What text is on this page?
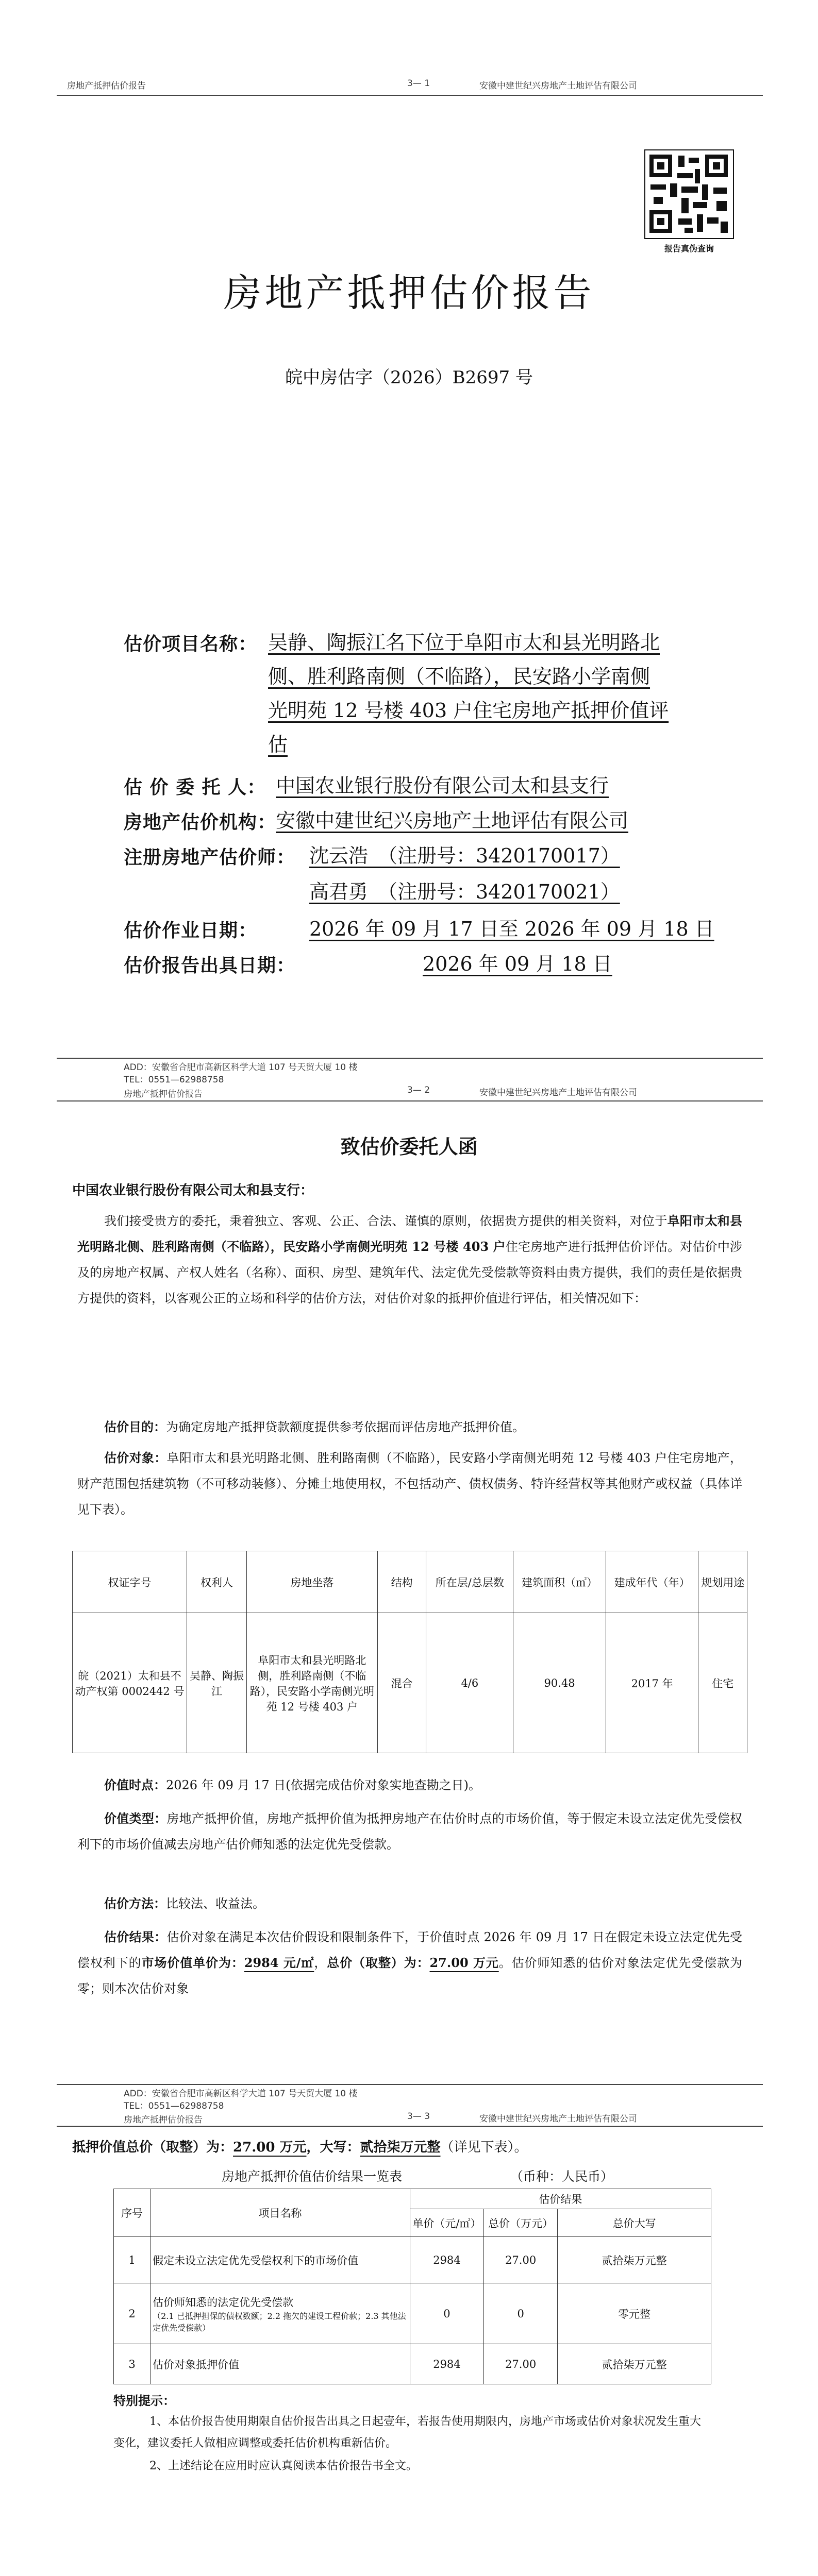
房地产抵押估价报告	3— 1	安徽中建世纪兴房地产土地评估有限公司
报告真伪查询
房地产抵押估价报告
皖中房估字（2026）B2697 号
估价项目名称： 吴静、陶振江名下位于阜阳市太和县光明路北
侧、胜利路南侧（不临路），民安路小学南侧
光明苑 12 号楼 403 户住宅房地产抵押价值评
估
估 价 委 托 人： 中国农业银行股份有限公司太和县支行
房地产估价机构：
安徽中建世纪兴房地产土地评估有限公司
注册房地产估价师： 沈云浩　（注册号：3420170017）
高君勇　（注册号：3420170021）
估价作业日期：	2026 年 09 月 17 日至 2026 年 09 月 18 日
估价报告出具日期：	2026 年 09 月 18 日
ADD：安徽省合肥市高新区科学大道 107 号天贸大厦 10 楼
TEL：0551—62988758
房地产抵押估价报告	3— 2	安徽中建世纪兴房地产土地评估有限公司
致估价委托人函
中国农业银行股份有限公司太和县支行：
我们接受贵方的委托，秉着独立、客观、公正、合法、谨慎的原则，依据贵方提供的相关资料，对位于阜阳市太和县光明路北侧、胜利路南侧（不临路），民安路小学南侧光明苑 12 号楼 403 户住宅房地产进行抵押估价评估。对估价中涉及的房地产权属、产权人姓名（名称）、面积、房型、建筑年代、法定优先受偿款等资料由贵方提供，我们的责任是依据贵方提供的资料，以客观公正的立场和科学的估价方法，对估价对象的抵押价值进行评估，相关情况如下：
估价目的：为确定房地产抵押贷款额度提供参考依据而评估房地产抵押价值。
估价对象：阜阳市太和县光明路北侧、胜利路南侧（不临路），民安路小学南侧光明苑 12 号楼 403 户住宅房地产，财产范围包括建筑物（不可移动装修）、分摊土地使用权，不包括动产、债权债务、特许经营权等其他财产或权益（具体详见下表）。
权证字号	权利人	房地坐落	结构	所在层/总层数	建筑面积（㎡）	建成年代（年）	规划用途
皖（2021）太和县不动产权第 0002442 号	吴静、陶振江	阜阳市太和县光明路北侧，胜利路南侧（不临路），民安路小学南侧光明苑 12 号楼 403 户	混合	4/6	90.48	2017 年	住宅
价值时点：2026 年 09 月 17 日(依据完成估价对象实地查勘之日)。
价值类型：房地产抵押价值，房地产抵押价值为抵押房地产在估价时点的市场价值，等于假定未设立法定优先受偿权利下的市场价值减去房地产估价师知悉的法定优先受偿款。
估价方法：比较法、收益法。
估价结果：估价对象在满足本次估价假设和限制条件下，于价值时点 2026 年 09 月 17 日在假定未设立法定优先受偿权利下的市场价值单价为：2984 元/㎡，总价（取整）为：27.00 万元。估价师知悉的估价对象法定优先受偿款为零；则本次估价对象
ADD：安徽省合肥市高新区科学大道 107 号天贸大厦 10 楼
TEL：0551—62988758
房地产抵押估价报告	3— 3	安徽中建世纪兴房地产土地评估有限公司
抵押价值总价（取整）为：27.00 万元，大写：贰拾柒万元整（详见下表）。
房地产抵押价值估价结果一览表	（币种：人民币）
序号	项目名称	估价结果		
		单价（元/㎡）	总价（万元）	总价大写
1	假定未设立法定优先受偿权利下的市场价值	2984	27.00	贰拾柒万元整
2	估价师知悉的法定优先受偿款
（2.1 已抵押担保的债权数额；2.2 拖欠的建设工程价款；2.3 其他法定优先受偿款）	0	0	零元整
3	估价对象抵押价值	2984	27.00	贰拾柒万元整
特别提示：
1、本估价报告使用期限自估价报告出具之日起壹年，若报告使用期限内，房地产市场或估价对象状况发生重大变化，建议委托人做相应调整或委托估价机构重新估价。
2、上述结论在应用时应认真阅读本估价报告书全文。
